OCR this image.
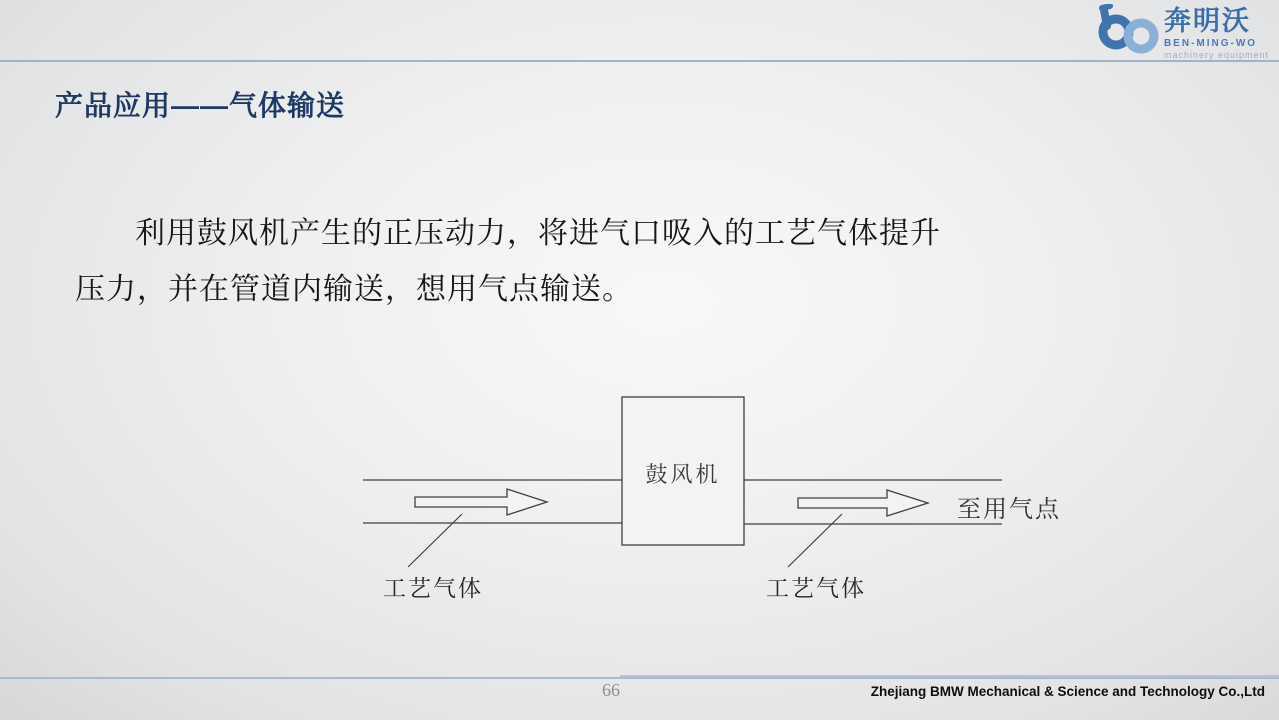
奔明沃
BEN-MING-WO
machinery equipment
产品应用——气体输送
利用鼓风机产生的正压动力，将进气口吸入的工艺气体提升
压力，并在管道内输送，想用气点输送。
鼓风机
工艺气体	工艺气体
至用气点
66	Zhejiang BMW Mechanical & Science and Technology Co.,Ltd
